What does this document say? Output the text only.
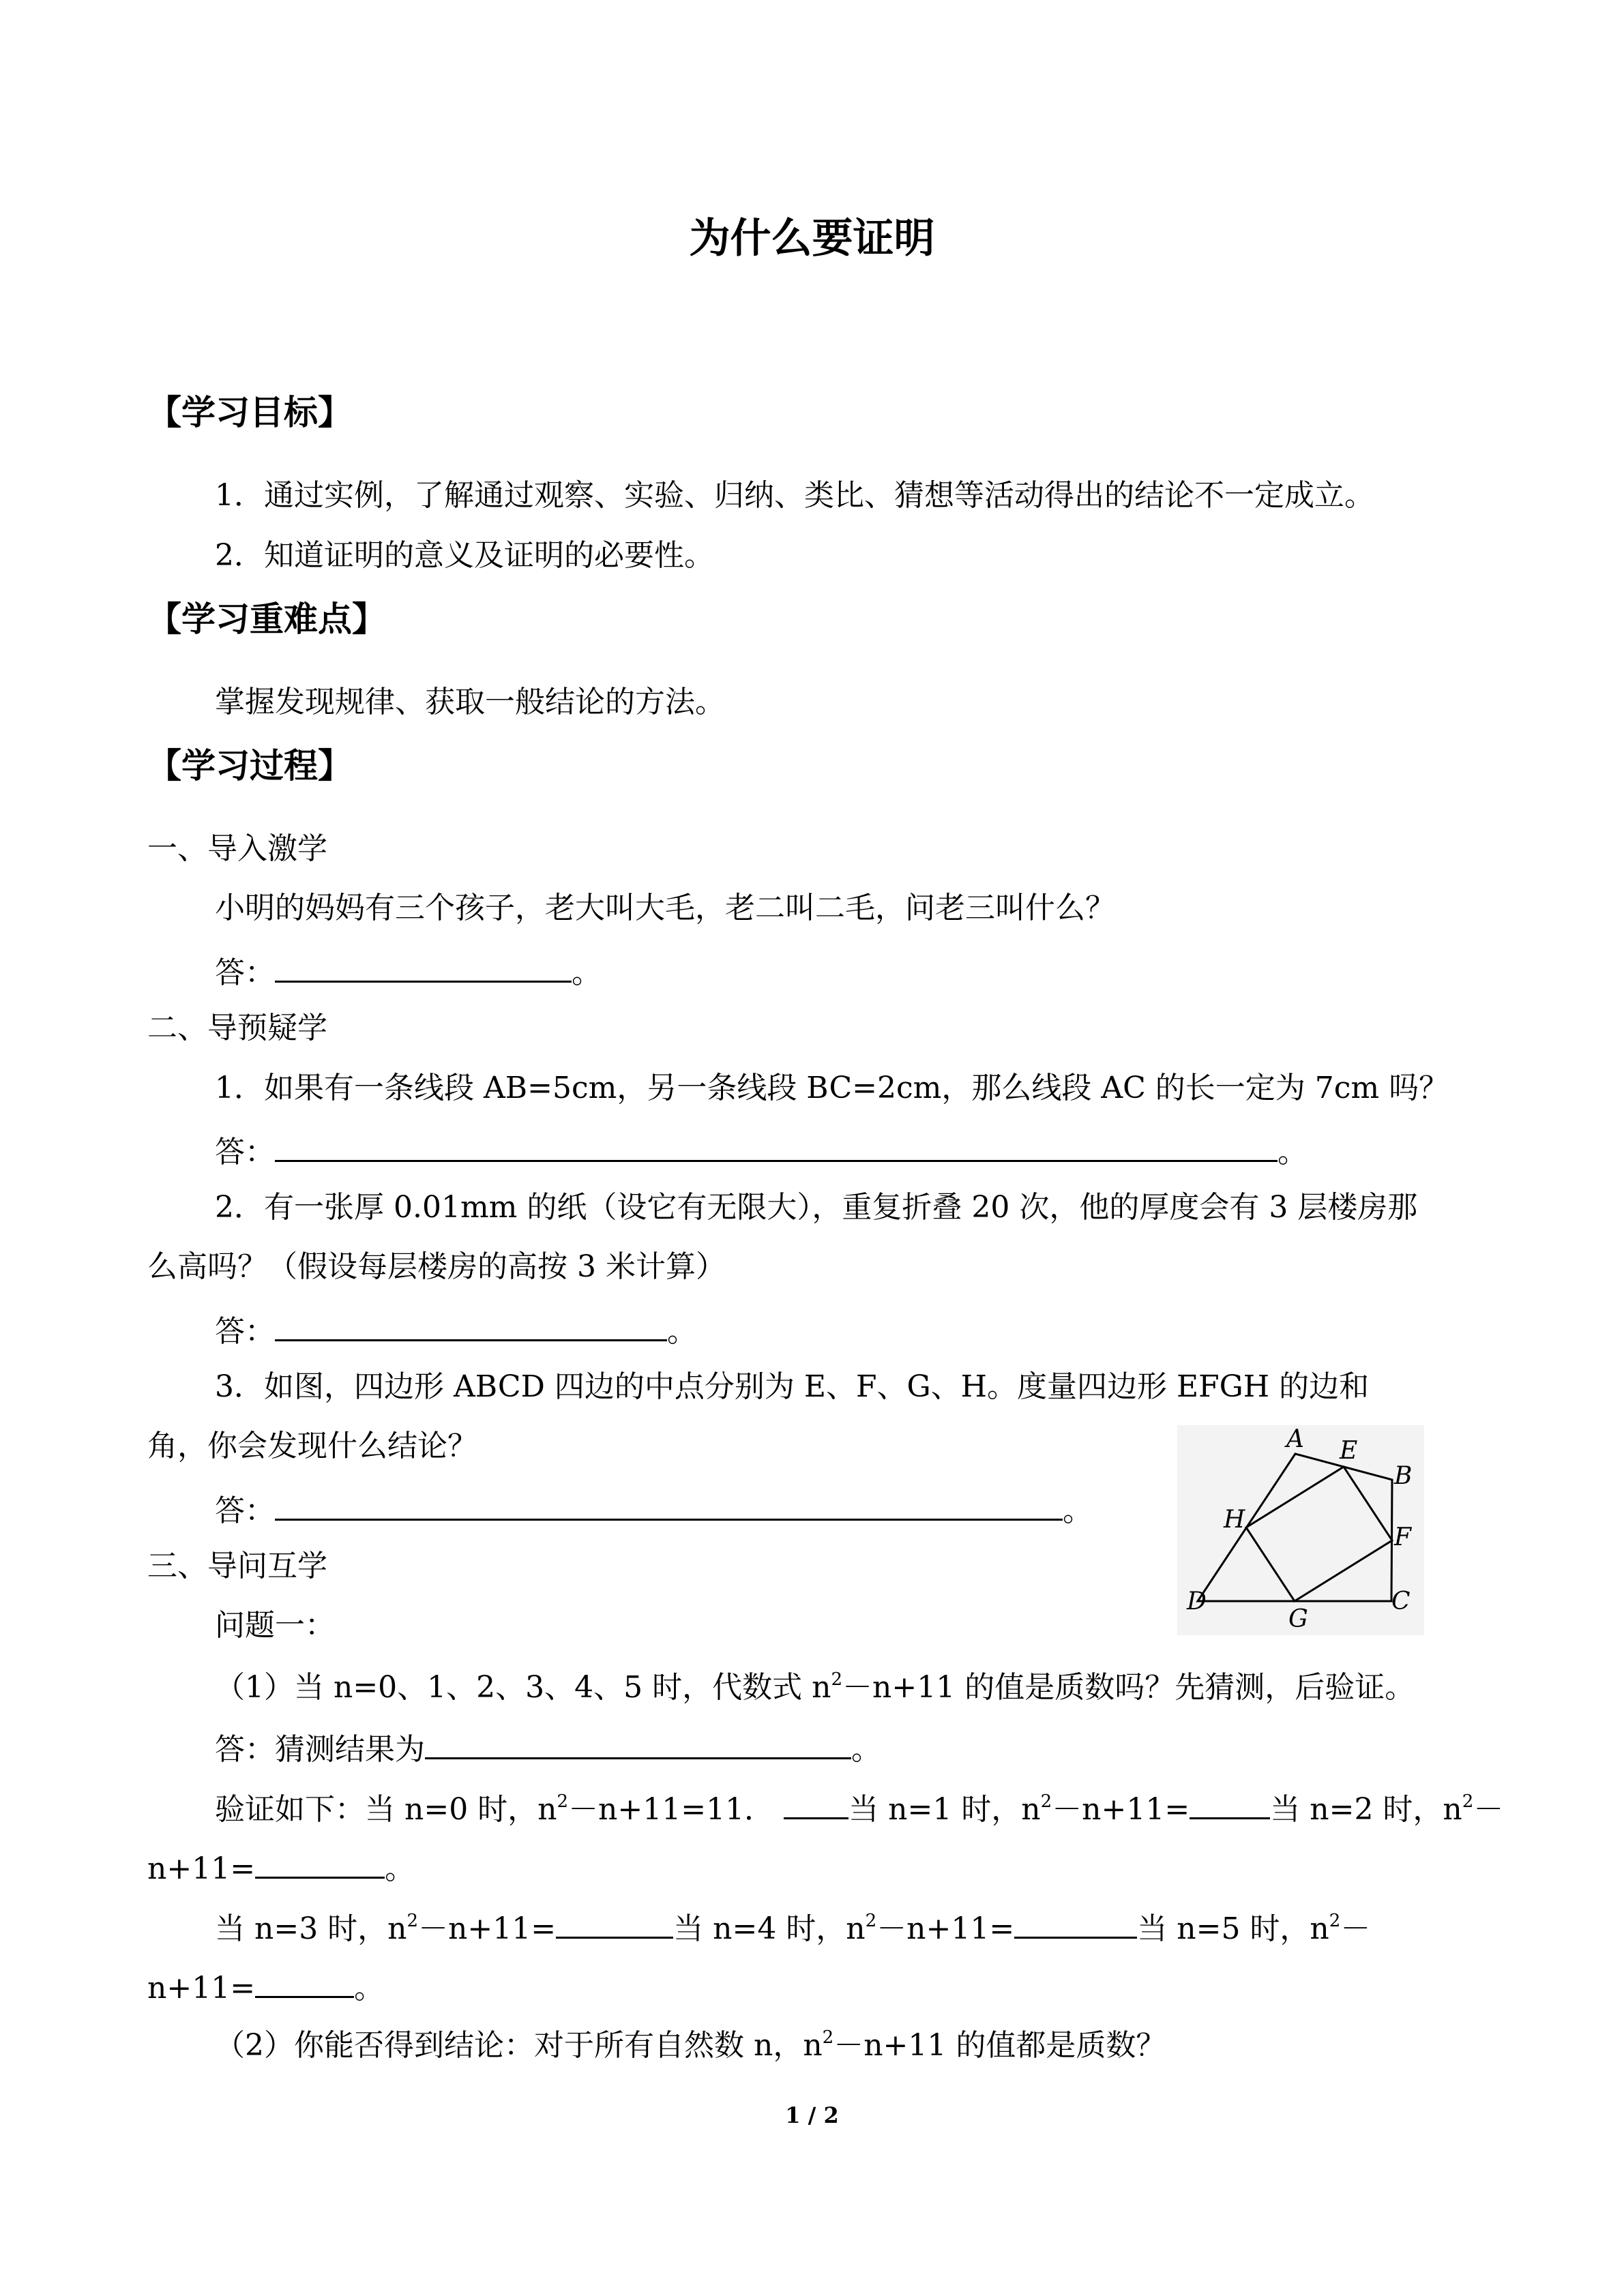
为什么要证明
【学习目标】
1．通过实例，了解通过观察、实验、归纳、类比、猜想等活动得出的结论不一定成立。
2．知道证明的意义及证明的必要性。
【学习重难点】
掌握发现规律、获取一般结论的方法。
【学习过程】
一、导入激学
小明的妈妈有三个孩子，老大叫大毛，老二叫二毛，问老三叫什么？
答：	。
二、导预疑学
1．如果有一条线段 AB=5cm，另一条线段 BC=2cm，那么线段 AC 的长一定为 7cm 吗？
答：	。
2．有一张厚 0.01mm 的纸（设它有无限大），重复折叠 20 次，他的厚度会有 3 层楼房那
么高吗？（假设每层楼房的高按 3 米计算）
答：	。
3．如图，四边形 ABCD 四边的中点分别为 E、F、G、H。度量四边形 EFGH 的边和
角，你会发现什么结论？
答：	。
A E
B
H
F
D	C
G
三、导问互学
问题一：
（1）当 n=0、1、2、3、4、5 时，代数式 $n^2-n+11$ 的值是质数吗？先猜测，后验证。
答：猜测结果为	。
验证如下：当 n=0 时，$n^2-n+11=11$． 当 n=1 时，$n^2-n+11=$	当 n=2 时，$n^2-$
n+11=	。
当 n=3 时，$n^2-n+11=$	当 n=4 时，$n^2-n+11=$	当 n=5 时，$n^2-$
n+11=	。
（2）你能否得到结论：对于所有自然数 n，$n^2-n+11$ 的值都是质数？
1 / 2
